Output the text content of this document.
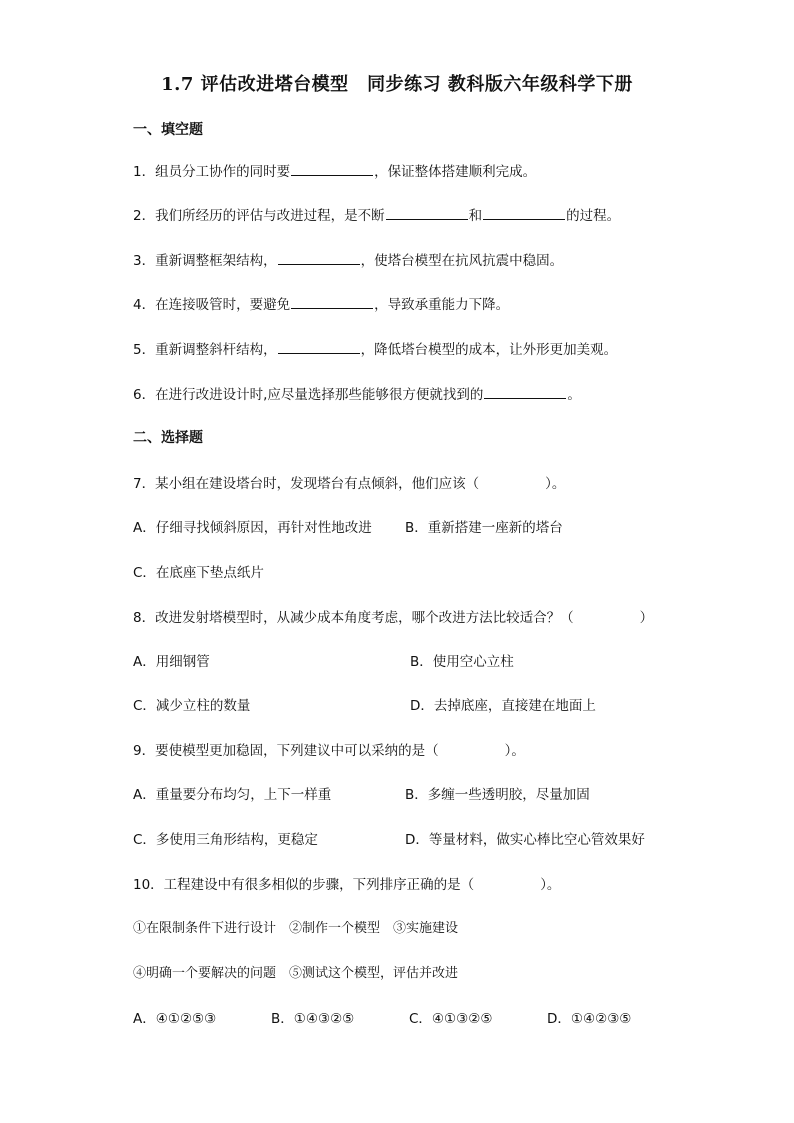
1.7 评估改进塔台模型　同步练习 教科版六年级科学下册
一、填空题
1．组员分工协作的同时要	，保证整体搭建顺利完成。
2．我们所经历的评估与改进过程，是不断	和	的过程。
3．重新调整框架结构，	，使塔台模型在抗风抗震中稳固。
4．在连接吸管时，要避免	，导致承重能力下降。
5．重新调整斜杆结构，	，降低塔台模型的成本，让外形更加美观。
6．在进行改进设计时,应尽量选择那些能够很方便就找到的	。
二、选择题
7．某小组在建设塔台时，发现塔台有点倾斜，他们应该（	）。
A．仔细寻找倾斜原因，再针对性地改进 B．重新搭建一座新的塔台
C．在底座下垫点纸片
8．改进发射塔模型时，从减少成本角度考虑，哪个改进方法比较适合？（	）
A．用细钢管	B．使用空心立柱
C．减少立柱的数量	D．去掉底座，直接建在地面上
9．要使模型更加稳固，下列建议中可以采纳的是（	）。
A．重量要分布均匀，上下一样重	B．多缠一些透明胶，尽量加固
C．多使用三角形结构，更稳定	D．等量材料，做实心棒比空心管效果好
10．工程建设中有很多相似的步骤，下列排序正确的是（	）。
①在限制条件下进行设计　②制作一个模型　③实施建设
④明确一个要解决的问题　⑤测试这个模型，评估并改进
A．④①②⑤③	B．①④③②⑤	C．④①③②⑤	D．①④②③⑤
